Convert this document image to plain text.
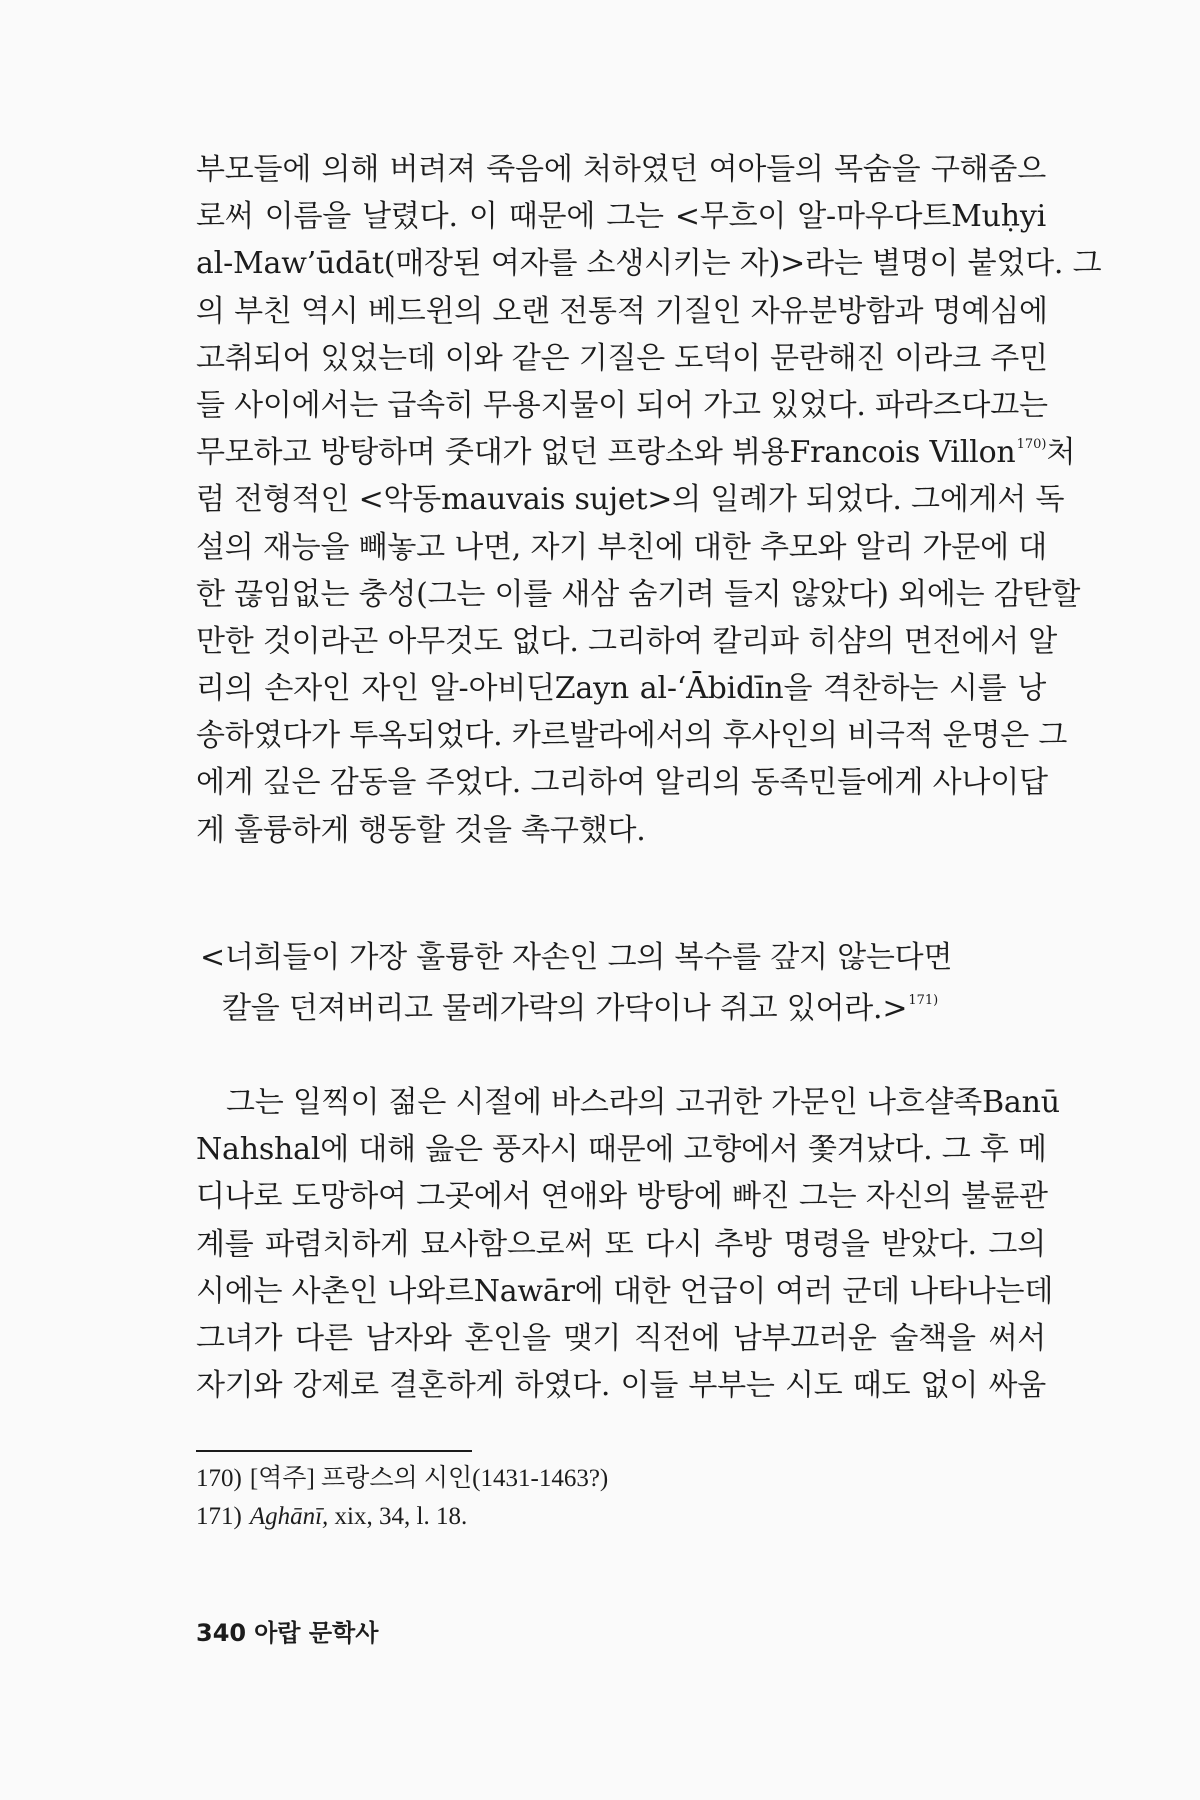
부모들에 의해 버려져 죽음에 처하였던 여아들의 목숨을 구해줌으
로써 이름을 날렸다. 이 때문에 그는 <무흐이 알-마우다트Muḥyi
al-Maw’ūdāt(매장된 여자를 소생시키는 자)>라는 별명이 붙었다. 그
의 부친 역시 베드윈의 오랜 전통적 기질인 자유분방함과 명예심에
고취되어 있었는데 이와 같은 기질은 도덕이 문란해진 이라크 주민
들 사이에서는 급속히 무용지물이 되어 가고 있었다. 파라즈다끄는
무모하고 방탕하며 줏대가 없던 프랑소와 뷔용Francois Villon$^{170)}$처
럼 전형적인 <악동mauvais sujet>의 일례가 되었다. 그에게서 독
설의 재능을 빼놓고 나면, 자기 부친에 대한 추모와 알리 가문에 대
한 끊임없는 충성(그는 이를 새삼 숨기려 들지 않았다) 외에는 감탄할
만한 것이라곤 아무것도 없다. 그리하여 칼리파 히샴의 면전에서 알
리의 손자인 자인 알-아비딘Zayn al-‘Ābidīn을 격찬하는 시를 낭
송하였다가 투옥되었다. 카르발라에서의 후사인의 비극적 운명은 그
에게 깊은 감동을 주었다. 그리하여 알리의 동족민들에게 사나이답
게 훌륭하게 행동할 것을 촉구했다.
<너희들이 가장 훌륭한 자손인 그의 복수를 갚지 않는다면
칼을 던져버리고 물레가락의 가닥이나 쥐고 있어라.>$^{171)}$
그는 일찍이 젊은 시절에 바스라의 고귀한 가문인 나흐샬족Banū
Nahshal에 대해 읊은 풍자시 때문에 고향에서 쫓겨났다. 그 후 메
디나로 도망하여 그곳에서 연애와 방탕에 빠진 그는 자신의 불륜관
계를 파렴치하게 묘사함으로써 또 다시 추방 명령을 받았다. 그의
시에는 사촌인 나와르Nawār에 대한 언급이 여러 군데 나타나는데
그녀가 다른 남자와 혼인을 맺기 직전에 남부끄러운 술책을 써서
자기와 강제로 결혼하게 하였다. 이들 부부는 시도 때도 없이 싸움
170) [역주] 프랑스의 시인(1431-1463?)
171) Aghānī, xix, 34, l. 18.
340 아랍 문학사
